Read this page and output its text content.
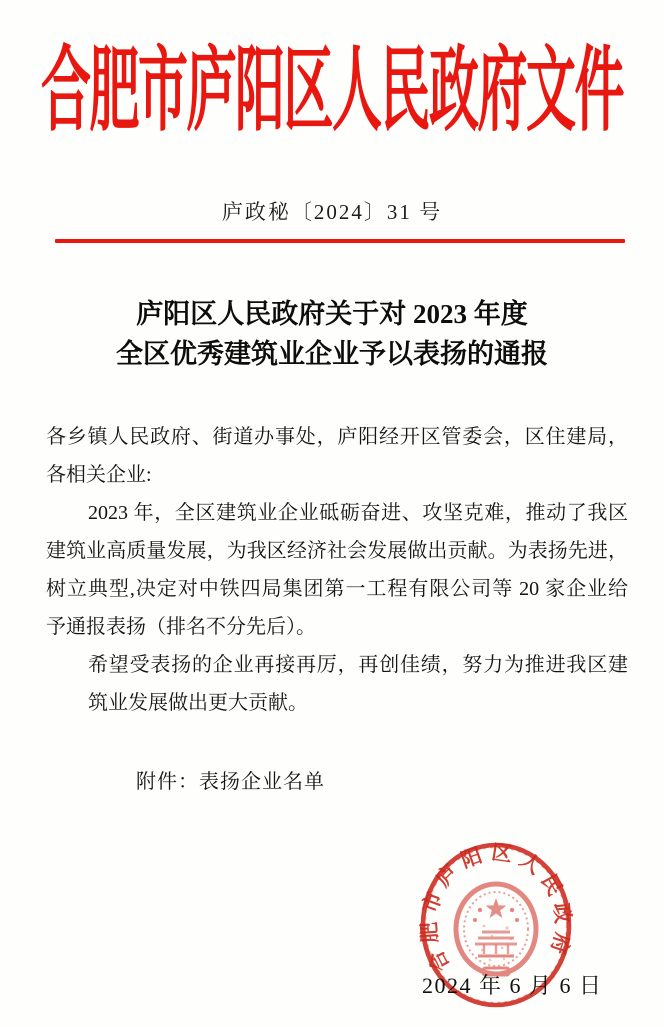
合肥市庐阳区人民政府文件
庐政秘〔2024〕31 号
庐阳区人民政府关于对 2023 年度
全区优秀建筑业企业予以表扬的通报
各乡镇人民政府、街道办事处，庐阳经开区管委会，区住建局，
各相关企业:
2023 年，全区建筑业企业砥砺奋进、攻坚克难，推动了我区
建筑业高质量发展，为我区经济社会发展做出贡献。为表扬先进，
树立典型,决定对中铁四局集团第一工程有限公司等 20 家企业给
予通报表扬（排名不分先后）。
希望受表扬的企业再接再厉，再创佳绩，努力为推进我区建
筑业发展做出更大贡献。
附件：表扬企业名单
2024 年 6 月 6 日
合肥市庐阳区人民政府
